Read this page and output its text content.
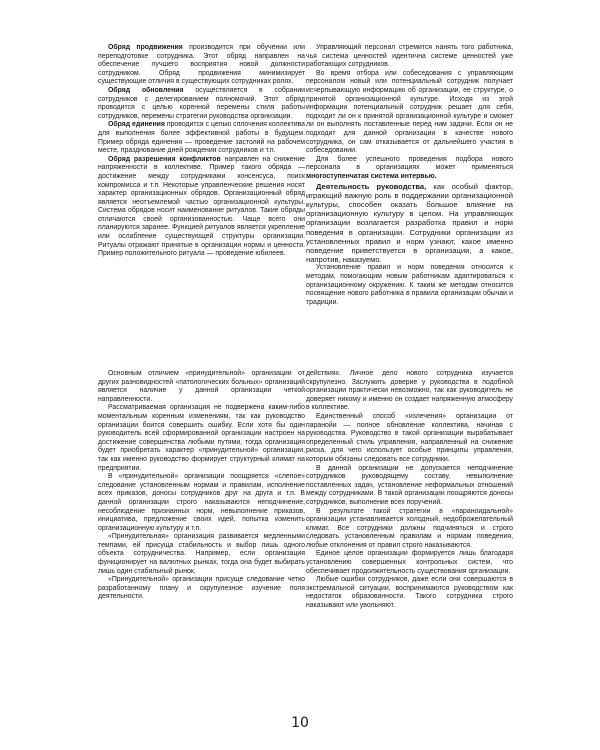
Обряд продвижения производится при обучении или переподготовке сотрудника. Этот обряд направлен на обеспечение лучшего восприятия новой должности сотрудником. Обряд продвижения минимизирует существующие отличия в существующих сотрудниках ролях.

Обряд обновления осуществляется в собрании сотрудников с делегированием полномочий. Этот обряд проводится с целью коренной перемены стиля работы сотрудников, перемены стратегии руководства организации.

Обряд единения проводится с целью сплочения коллектива для выполнения более эффективной работы в будущем. Пример обряда единения — проведение застолий на рабочем месте, празднование дней рождения сотрудников и т.п.

Обряд разрешения конфликтов направлен на снижение напряженности в коллективе. Пример такого обряда — достижение между сотрудниками консенсуса, поиск компромисса и т.п. Некоторые управленческие решения носят характер организационных обрядов. Организационный обряд является неотъемлемой частью организационной культуры. Система обрядов носит наименование ритуалов. Такие обряды отличаются своей организованностью. Чаще всего они планируются заранее. Функцией ритуалов является укрепление или ослабление существующей структуры организации. Ритуалы отражают принятые в организации нормы и ценности. Пример положительного ритуала — проведение юбилеев.

Управляющий персонал стремится нанять того работника, чья система ценностей идентична системе ценностей уже работающих сотрудников.

Во время отбора или собеседования с управляющим персоналом новый или потенциальный сотрудник получает исчерпывающую информацию об организации, ее структуре, о принятой организационной культуре. Исходя из этой информации потенциальный сотрудник решает для себя, подходит ли он к принятой организационной культуре и сможет ли он выполнять поставленные перед ним задачи. Если он не подходит для данной организации в качестве нового сотрудника, он сам отказывается от дальнейшего участия в собеседовании.

Для более успешного проведения подбора нового персонала в организациях может применяться многоступенчатая система интервью.

Деятельность руководства, как особый фактор, играющий важную роль в поддержании организационной культуры, способен оказать большое влияние на организационную культуру в целом. На управляющих организации возлагается разработка правил и норм поведения в организации. Сотрудники организации из установленных правил и норм узнают, какое именно поведение приветствуется в организации, а какое, напротив, наказуемо.

Установление правил и норм поведения относится к методам, помогающим новым работникам адаптироваться к организационному окружению. К таким же методам относится посвящение нового работника в правила организации обычаи и традиции.

Основным отличием «принудительной» организации от других разновидностей «патологических больных» организаций является наличие у данной организации четкой направленности.

Рассматриваемая организация не подвержена каким-либо моментальным коренным изменениям, так как руководство организации боится совершить ошибку. Если хотя бы один руководитель всей сформированной организации настроен на достижение совершенства любыми путями, тогда организация будет приобретать характер «принудительной» организации, так как именно руководство формирует структурный климат на предприятии.

В «принудительной» организации поощряется «слепое» следование установленным нормам и правилам, исполнение всех приказов, доносы сотрудников друг на друга и т.п. В данной организации строго наказываются неподчинение, несоблюдение признанных норм, невыполнение приказов, инициатива, предложение своих идей, попытка изменить организационную культуру и т.п.

«Принудительная» организация развивается медленными темпами, ей присуща стабильность и выбор лишь одного объекта сотрудничества. Например, если организация функционирует на валютных рынках, тогда она будет выбирать лишь один стабильный рынок.

«Принудительной» организации присуще следование четко разработанному плану и скрупулезное изучение поля деятельности.

действиях. Личное дело нового сотрудника изучается скрупулезно. Заслужить доверие у руководства в подобной организации практически невозможно, так как руководитель не доверяет никому и именно он создает напряженную атмосферу в коллективе.

Единственный способ «излечения» организации от паранойи — полное обновление коллектива, начиная с руководства. Руководство в такой организации вырабатывает определенный стиль управления, направленный на снижение риска, для чего использует особые принципы управления, которым обязаны следовать все сотрудники.

В данной организации не допускается неподчинение сотрудников руководящему составу, невыполнение поставленных задач, установление неформальных отношений между сотрудниками. В такой организации поощряются доносы сотрудников, выполнение всех поручений.

В результате такой стратегии в «параноидальной» организации устанавливается холодный, недоброжелательный климат. Все сотрудники должны подчиняться и строго следовать установленным правилам и нормам поведения, любые отклонения от правил строго наказываются.

Единое целое организации формируется лишь благодаря установлению совершенных контрольных систем, что обеспечивает продолжительность существования организации.

Любые ошибки сотрудников, даже если они совершаются в экстремальной ситуации, воспринимаются руководством как недостаток образованности. Такого сотрудника строго наказывают или увольняют.

10
